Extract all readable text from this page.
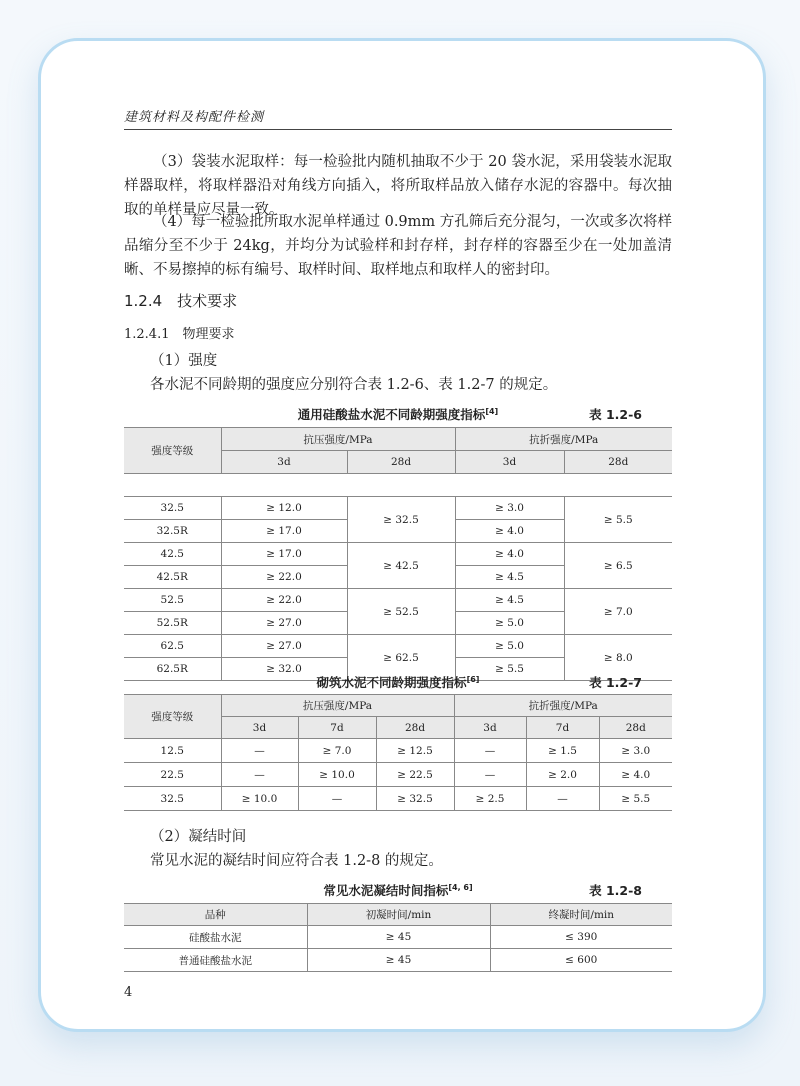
建筑材料及构配件检测
（3）袋装水泥取样：每一检验批内随机抽取不少于 20 袋水泥，采用袋装水泥取样器取样，将取样器沿对角线方向插入，将所取样品放入储存水泥的容器中。每次抽取的单样量应尽量一致。
（4）每一检验批所取水泥单样通过 0.9mm 方孔筛后充分混匀，一次或多次将样品缩分至不少于 24kg，并均分为试验样和封存样，封存样的容器至少在一处加盖清晰、不易擦掉的标有编号、取样时间、取样地点和取样人的密封印。
1.2.4　技术要求
1.2.4.1　物理要求
（1）强度
各水泥不同龄期的强度应分别符合表 1.2-6、表 1.2-7 的规定。
通用硅酸盐水泥不同龄期强度指标[4]	表 1.2-6
强度等级	抗压强度/MPa		抗折强度/MPa	
	3d	28d	3d	28d

32.5	≥ 12.0	≥ 32.5	≥ 3.0	≥ 5.5
32.5R	≥ 17.0		≥ 4.0	
42.5	≥ 17.0	≥ 42.5	≥ 4.0	≥ 6.5
42.5R	≥ 22.0		≥ 4.5	
52.5	≥ 22.0	≥ 52.5	≥ 4.5	≥ 7.0
52.5R	≥ 27.0		≥ 5.0	
62.5	≥ 27.0	≥ 62.5	≥ 5.0	≥ 8.0
62.5R	≥ 32.0		≥ 5.5	
砌筑水泥不同龄期强度指标[6]	表 1.2-7
强度等级	抗压强度/MPa			抗折强度/MPa		
	3d	7d	28d	3d	7d	28d
12.5	—	≥ 7.0	≥ 12.5	—	≥ 1.5	≥ 3.0
22.5	—	≥ 10.0	≥ 22.5	—	≥ 2.0	≥ 4.0
32.5	≥ 10.0	—	≥ 32.5	≥ 2.5	—	≥ 5.5
（2）凝结时间
常见水泥的凝结时间应符合表 1.2-8 的规定。
常见水泥凝结时间指标[4, 6]	表 1.2-8
品种	初凝时间/min	终凝时间/min
硅酸盐水泥	≥ 45	≤ 390
普通硅酸盐水泥	≥ 45	≤ 600
4
